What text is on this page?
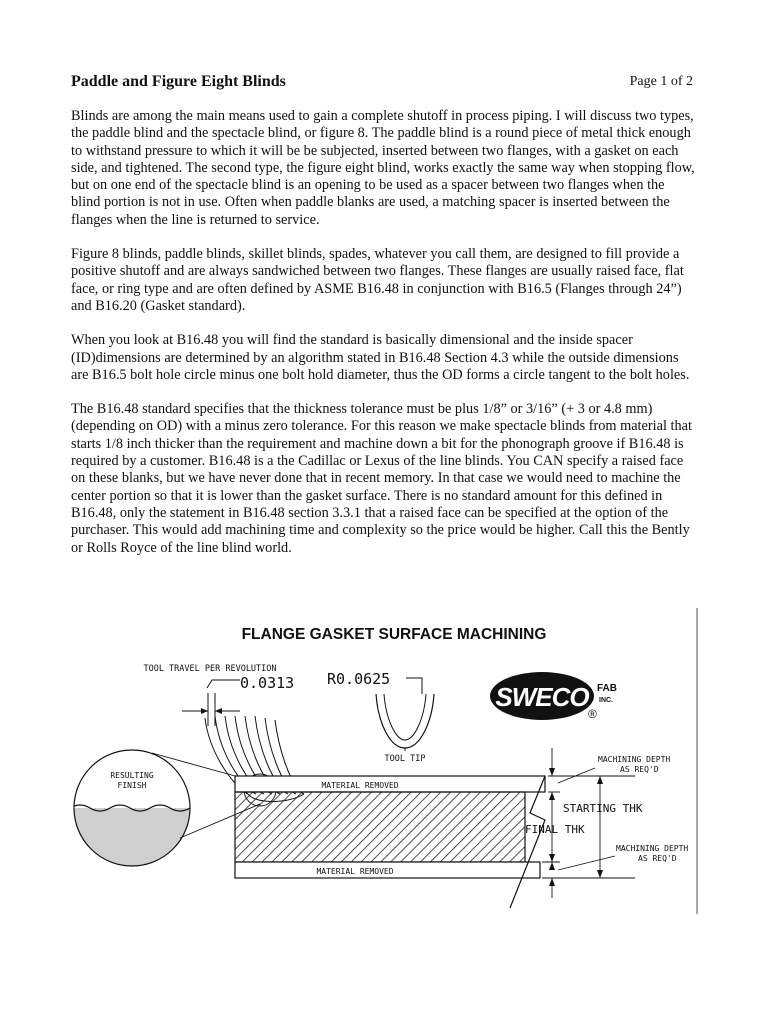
Paddle and Figure Eight Blinds	Page 1 of 2

Blinds are among the main means used to gain a complete shutoff in process piping. I will discuss two types, the paddle blind and the spectacle blind, or figure 8. The paddle blind is a round piece of metal thick enough to withstand pressure to which it will be be subjected, inserted between two flanges, with a gasket on each side, and tightened. The second type, the figure eight blind, works exactly the same way when stopping flow, but on one end of the spectacle blind is an opening to be used as a spacer between two flanges when the blind portion is not in use. Often when paddle blanks are used, a matching spacer is inserted between the flanges when the line is returned to service.

Figure 8 blinds, paddle blinds, skillet blinds, spades, whatever you call them, are designed to fill provide a positive shutoff and are always sandwiched between two flanges. These flanges are usually raised face, flat face, or ring type and are often defined by ASME B16.48 in conjunction with B16.5 (Flanges through 24”) and B16.20 (Gasket standard).

When you look at B16.48 you will find the standard is basically dimensional and the inside spacer (ID)dimensions are determined by an algorithm stated in B16.48 Section 4.3 while the outside dimensions are B16.5 bolt hole circle minus one bolt hold diameter, thus the OD forms a circle tangent to the bolt holes.

The B16.48 standard specifies that the thickness tolerance must be plus 1/8” or 3/16” (+ 3 or 4.8 mm) (depending on OD) with a minus zero tolerance. For this reason we make spectacle blinds from material that starts 1/8 inch thicker than the requirement and machine down a bit for the phonograph groove if B16.48 is required by a customer. B16.48 is a the Cadillac or Lexus of the line blinds. You CAN specify a raised face on these blanks, but we have never done that in recent memory. In that case we would need to machine the center portion so that it is lower than the gasket surface. There is no standard amount for this defined in B16.48, only the statement in B16.48 section 3.3.1 that a raised face can be specified at the option of the purchaser. This would add machining time and complexity so the price would be higher. Call this the Bently or Rolls Royce of the line blind world.

FLANGE GASKET SURFACE MACHINING
TOOL TRAVEL PER REVOLUTION
0.0313 R0.0625
TOOL TIP
SWECO FAB
INC.
®
RESULTING
FINISH	MATERIAL REMOVED
MATERIAL REMOVED
MACHINING DEPTH
AS REQ'D
STARTING THK
FINAL THK
MACHINING DEPTH
AS REQ'D
